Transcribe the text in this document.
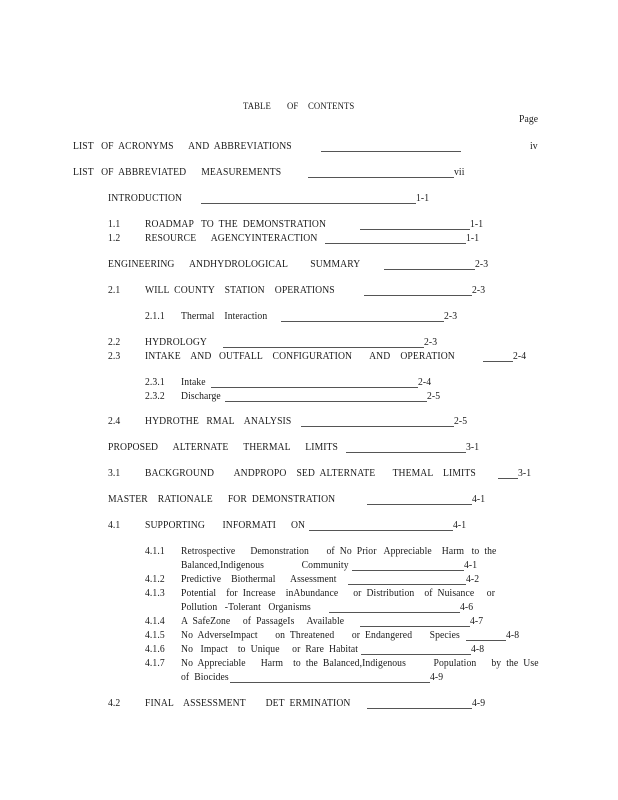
TABLE OF CONTENTS
Page
LIST   OF  ACRONYMS      AND  ABBREVIATIONS	iv
LIST   OF  ABBREVIATED      MEASUREMENTS	vii
INTRODUCTION	1-1
1.1 ROADMAP   TO  THE  DEMONSTRATION	1-1
1.2 RESOURCE      AGENCYINTERACTION	1-1
ENGINEERING      ANDHYDROLOGICAL         SUMMARY	2-3
2.1 WILL  COUNTY    STATION    OPERATIONS	2-3
2.1.1 Thermal    Interaction	2-3
2.2 HYDROLOGY	2-3
2.3 INTAKE    AND   OUTFALL    CONFIGURATION       AND    OPERATION	2-4
2.3.1 Intake	2-4
2.3.2 Discharge	2-5
2.4 HYDROTHE   RMAL    ANALYSIS	2-5
PROPOSED      ALTERNATE      THERMAL      LIMITS	3-1
3.1 BACKGROUND        ANDPROPO    SED  ALTERNATE       THEMAL    LIMITS	3-1
MASTER    RATIONALE      FOR  DEMONSTRATION	4-1
4.1 SUPPORTING       INFORMATI      ON	4-1
4.1.1 Retrospective      Demonstration       of  No  Prior   Appreciable    Harm   to  the
Balanced,Indigenous               Community	4-1
4.1.2 Predictive    Biothermal      Assessment	4-2
4.1.3 Potential    for  Increase    inAbundance      or  Distribution    of  Nuisance     or
Pollution   -Tolerant   Organisms	4-6
4.1.4 A  SafeZone     of  PassageIs     Available	4-7
4.1.5 No  AdverseImpact       on  Threatened       or  Endangered       Species	4-8
4.1.6 No   Impact    to  Unique     or  Rare  Habitat	4-8
4.1.7 No  Appreciable      Harm    to  the  Balanced,Indigenous           Population      by  the  Use
of  Biocides	4-9
4.2 FINAL    ASSESSMENT        DET  ERMINATION	4-9
